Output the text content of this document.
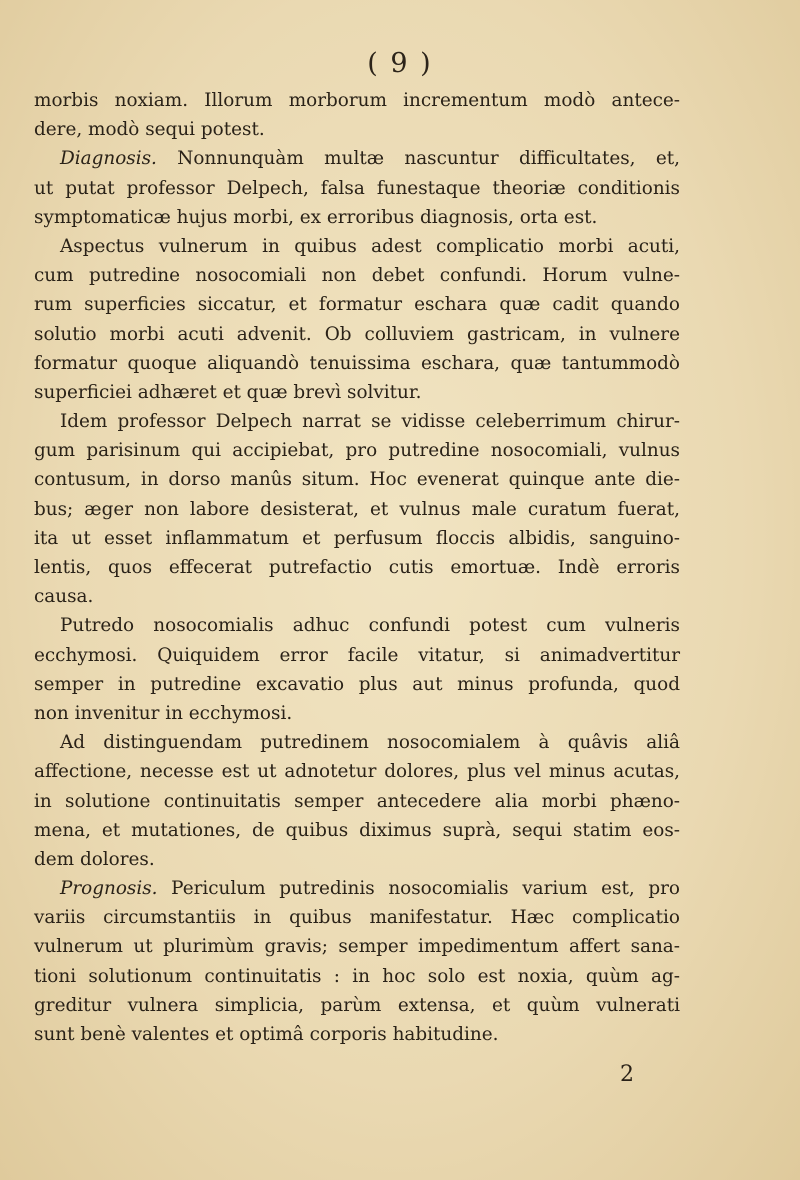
( 9 )
morbis noxiam. Illorum morborum incrementum modò antece-
dere, modò sequi potest.
Diagnosis. Nonnunquàm multæ nascuntur difficultates, et,
ut putat professor Delpech, falsa funestaque theoriæ conditionis
symptomaticæ hujus morbi, ex erroribus diagnosis, orta est.
Aspectus vulnerum in quibus adest complicatio morbi acuti,
cum putredine nosocomiali non debet confundi. Horum vulne-
rum superficies siccatur, et formatur eschara quæ cadit quando
solutio morbi acuti advenit. Ob colluviem gastricam, in vulnere
formatur quoque aliquandò tenuissima eschara, quæ tantummodò
superficiei adhæret et quæ brevì solvitur.
Idem professor Delpech narrat se vidisse celeberrimum chirur-
gum parisinum qui accipiebat, pro putredine nosocomiali, vulnus
contusum, in dorso manûs situm. Hoc evenerat quinque ante die-
bus; æger non labore desisterat, et vulnus male curatum fuerat,
ita ut esset inflammatum et perfusum floccis albidis, sanguino-
lentis, quos effecerat putrefactio cutis emortuæ. Indè erroris
causa.
Putredo nosocomialis adhuc confundi potest cum vulneris
ecchymosi. Quiquidem error facile vitatur, si animadvertitur
semper in putredine excavatio plus aut minus profunda, quod
non invenitur in ecchymosi.
Ad distinguendam putredinem nosocomialem à quâvis aliâ
affectione, necesse est ut adnotetur dolores, plus vel minus acutas,
in solutione continuitatis semper antecedere alia morbi phæno-
mena, et mutationes, de quibus diximus suprà, sequi statim eos-
dem dolores.
Prognosis. Periculum putredinis nosocomialis varium est, pro
variis circumstantiis in quibus manifestatur. Hæc complicatio
vulnerum ut plurimùm gravis; semper impedimentum affert sana-
tioni solutionum continuitatis : in hoc solo est noxia, quùm ag-
greditur vulnera simplicia, parùm extensa, et quùm vulnerati
sunt benè valentes et optimâ corporis habitudine.
2
